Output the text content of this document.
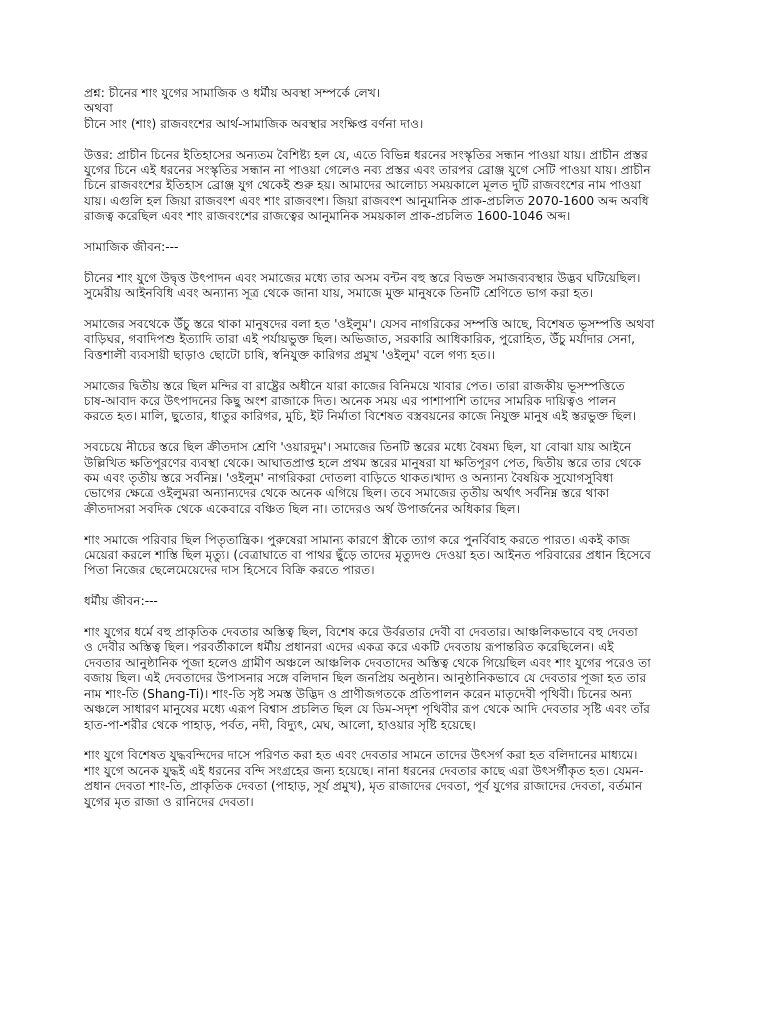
প্রশ্ন: চীনের শাং যুগের সামাজিক ও ধর্মীয় অবস্থা সম্পর্কে লেখ।
অথবা
চীনে সাং (শাং) রাজবংশের আর্থ-সামাজিক অবস্থার সংক্ষিপ্ত বর্ণনা দাও।
উত্তর: প্রাচীন চিনের ইতিহাসের অন্যতম বৈশিষ্ট্য হল যে, এতে বিভিন্ন ধরনের সংস্কৃতির সন্ধান পাওয়া যায়। প্রাচীন প্রস্তর
যুগের চিনে এই ধরনের সংস্কৃতির সন্ধান না পাওয়া গেলেও নব্য প্রস্তর এবং তারপর ব্রোঞ্জ যুগে সেটি পাওয়া যায়। প্রাচীন
চিনে রাজবংশের ইতিহাস ব্রোঞ্জ যুগ থেকেই শুরু হয়। আমাদের আলোচ্য সময়কালে মূলত দুটি রাজবংশের নাম পাওয়া
যায়। এগুলি হল জিয়া রাজবংশ এবং শাং রাজবংশ। জিয়া রাজবংশ আনুমানিক প্রাক-প্রচলিত 2070-1600 অব্দ অবধি
রাজত্ব করেছিল এবং শাং রাজবংশের রাজত্বের আনুমানিক সময়কাল প্রাক-প্রচলিত 1600-1046 অব্দ।
সামাজিক জীবন:---
চীনের শাং যুগে উদ্বৃত্ত উৎপাদন এবং সমাজের মধ্যে তার অসম বন্টন বহু স্তরে বিভক্ত সমাজব্যবস্থার উদ্ভব ঘটিয়েছিল।
সুমেরীয় আইনবিধি এবং অন্যান্য সূত্র থেকে জানা যায়, সমাজে মুক্ত মানুষকে তিনটি শ্রেণিতে ভাগ করা হত।
সমাজের সবথেকে উঁচু স্তরে থাকা মানুষদের বলা হত 'ওইলুম'। যেসব নাগরিকের সম্পত্তি আছে, বিশেষত ভূসম্পত্তি অথবা
বাড়িঘর, গবাদিপশু ইত্যাদি তারা এই পর্যায়ভুক্ত ছিল। অভিজাত, সরকারি আধিকারিক, পুরোহিত, উঁচু মর্যাদার সেনা,
বিত্তশালী ব্যবসায়ী ছাড়াও ছোটো চাষি, স্বনিযুক্ত কারিগর প্রমুখ 'ওইলুম' বলে গণ্য হত।।
সমাজের দ্বিতীয় স্তরে ছিল মন্দির বা রাষ্ট্রের অধীনে যারা কাজের বিনিময়ে খাবার পেত। তারা রাজকীয় ভূসম্পত্তিতে
চাষ-আবাদ করে উৎপাদনের কিছু অংশ রাজাকে দিত। অনেক সময় এর পাশাপাশি তাদের সামরিক দায়িত্বও পালন
করতে হত। মালি, ছুতোর, ধাতুর কারিগর, মুচি, ইট নির্মাতা বিশেষত বস্ত্রবয়নের কাজে নিযুক্ত মানুষ এই স্তরভুক্ত ছিল।
সবচেয়ে নীচের স্তরে ছিল ক্রীতদাস শ্রেণি 'ওয়ারদুম'। সমাজের তিনটি স্তরের মধ্যে বৈষম্য ছিল, যা বোঝা যায় আইনে
উল্লিখিত ক্ষতিপূরণের ব্যবস্থা থেকে। আঘাতপ্রাপ্ত হলে প্রথম স্তরের মানুষরা যা ক্ষতিপূরণ পেত, দ্বিতীয় স্তরে তার থেকে
কম এবং তৃতীয় স্তরে সর্বনিম্ন। 'ওইলুম' নাগরিকরা দোতলা বাড়িতে থাকত।খাদ্য ও অন্যান্য বৈষয়িক সুযোগসুবিধা
ভোগের ক্ষেত্রে ওইলুমরা অন্যান্যদের থেকে অনেক এগিয়ে ছিল। তবে সমাজের তৃতীয় অর্থাৎ সর্বনিম্ন স্তরে থাকা
ক্রীতদাসরা সবদিক থেকে একেবারে বঞ্চিত ছিল না। তাদেরও অর্থ উপার্জনের অধিকার ছিল।
শাং সমাজে পরিবার ছিল পিতৃতান্ত্রিক। পুরুষেরা সামান্য কারণে স্ত্রীকে ত্যাগ করে পুনর্বিবাহ করতে পারত। একই কাজ
মেয়েরা করলে শাস্তি ছিল মৃত্যু। (বেত্রাঘাতে বা পাথর ছুঁড়ে তাদের মৃত্যুদণ্ড দেওয়া হত। আইনত পরিবারের প্রধান হিসেবে
পিতা নিজের ছেলেমেয়েদের দাস হিসেবে বিক্রি করতে পারত।
ধর্মীয় জীবন:---
শাং যুগের ধর্মে বহু প্রাকৃতিক দেবতার অস্তিত্ব ছিল, বিশেষ করে উর্বরতার দেবী বা দেবতার। আঞ্চলিকভাবে বহু দেবতা
ও দেবীর অস্তিত্ব ছিল। পরবর্তীকালে ধর্মীয় প্রধানরা এদের একত্র করে একটি দেবতায় রূপান্তরিত করেছিলেন। এই
দেবতার আনুষ্ঠানিক পূজা হলেও গ্রামীণ অঞ্চলে আঞ্চলিক দেবতাদের অস্তিত্ব থেকে গিয়েছিল এবং শাং যুগের পরেও তা
বজায় ছিল। এই দেবতাদের উপাসনার সঙ্গে বলিদান ছিল জনপ্রিয় অনুষ্ঠান। আনুষ্ঠানিকভাবে যে দেবতার পূজা হত তার
নাম শাং-তি (Shang-Ti)। শাং-তি সৃষ্ট সমস্ত উদ্ভিদ ও প্রাণীজগতকে প্রতিপালন করেন মাতৃদেবী পৃথিবী। চিনের অন্য
অঞ্চলে সাধারণ মানুষের মধ্যে এরূপ বিশ্বাস প্রচলিত ছিল যে ডিম-সদৃশ পৃথিবীর রূপ থেকে আদি দেবতার সৃষ্টি এবং তাঁর
হাত-পা-শরীর থেকে পাহাড়, পর্বত, নদী, বিদ্যুৎ, মেঘ, আলো, হাওয়ার সৃষ্টি হয়েছে।
শাং যুগে বিশেষত যুদ্ধবন্দিদের দাসে পরিণত করা হত এবং দেবতার সামনে তাদের উৎসর্গ করা হত বলিদানের মাধ্যমে।
শাং যুগে অনেক যুদ্ধই এই ধরনের বন্দি সংগ্রহের জন্য হয়েছে। নানা ধরনের দেবতার কাছে এরা উৎসর্গীকৃত হত। যেমন-
প্রধান দেবতা শাং-তি, প্রাকৃতিক দেবতা (পাহাড়, সূর্য প্রমুখ), মৃত রাজাদের দেবতা, পূর্ব যুগের রাজাদের দেবতা, বর্তমান
যুগের মৃত রাজা ও রানিদের দেবতা।
